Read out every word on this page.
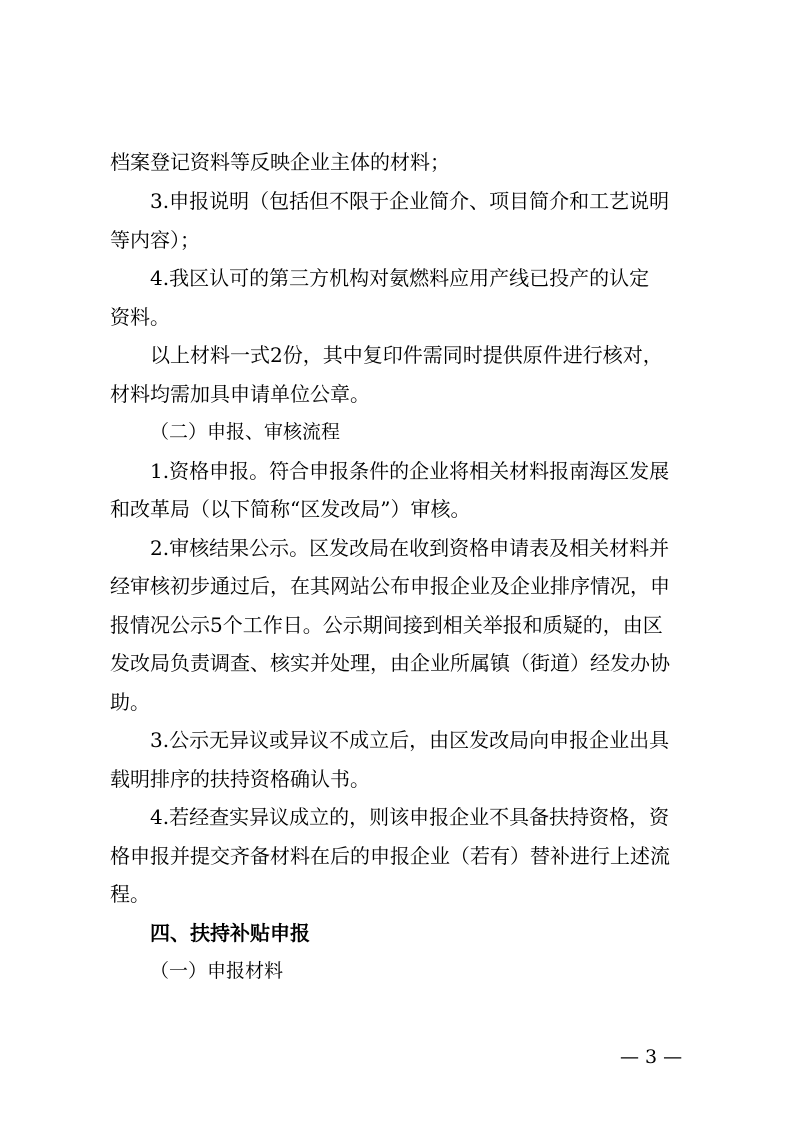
档案登记资料等反映企业主体的材料；
3.申报说明（包括但不限于企业简介、项目简介和工艺说明
等内容）；
4.我区认可的第三方机构对氨燃料应用产线已投产的认定
资料。
以上材料一式2份，其中复印件需同时提供原件进行核对，
材料均需加具申请单位公章。
（二）申报、审核流程
1.资格申报。符合申报条件的企业将相关材料报南海区发展
和改革局（以下简称“区发改局”）审核。
2.审核结果公示。区发改局在收到资格申请表及相关材料并
经审核初步通过后，在其网站公布申报企业及企业排序情况，申
报情况公示5个工作日。公示期间接到相关举报和质疑的，由区
发改局负责调查、核实并处理，由企业所属镇（街道）经发办协
助。
3.公示无异议或异议不成立后，由区发改局向申报企业出具
载明排序的扶持资格确认书。
4.若经查实异议成立的，则该申报企业不具备扶持资格，资
格申报并提交齐备材料在后的申报企业（若有）替补进行上述流
程。
四、扶持补贴申报
（一）申报材料
— 3 —
